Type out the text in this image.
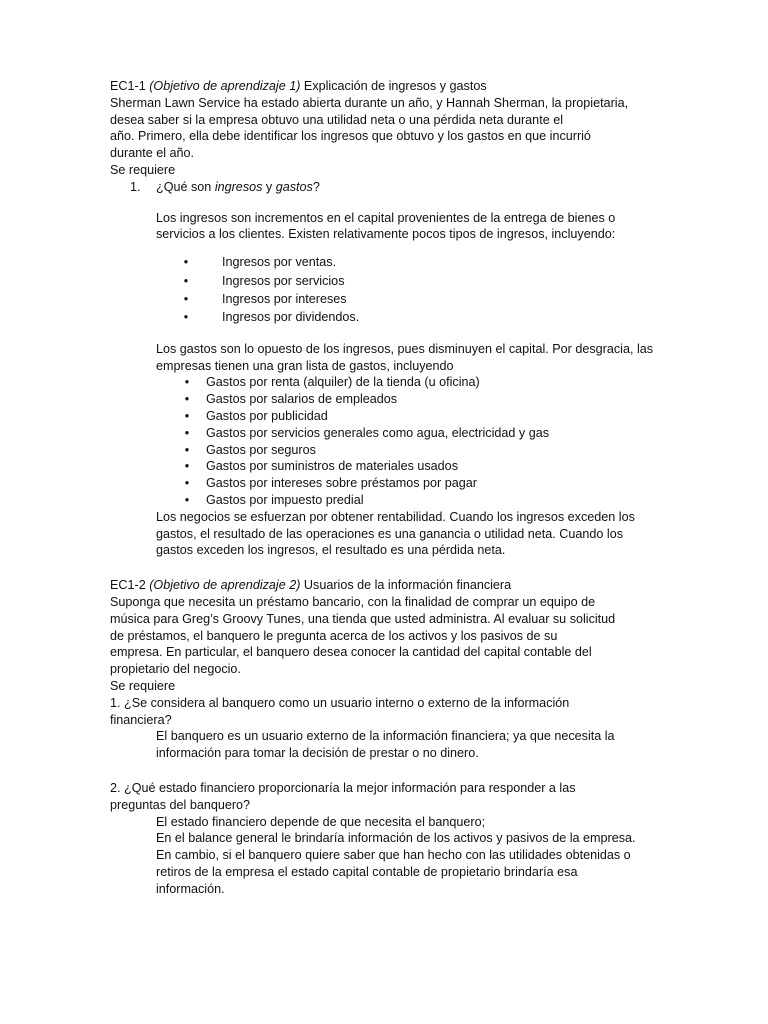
EC1-1 (Objetivo de aprendizaje 1) Explicación de ingresos y gastos

Sherman Lawn Service ha estado abierta durante un año, y Hannah Sherman, la propietaria,

desea saber si la empresa obtuvo una utilidad neta o una pérdida neta durante el

año. Primero, ella debe identificar los ingresos que obtuvo y los gastos en que incurrió

durante el año.

Se requiere

1. ¿Qué son ingresos y gastos?

Los ingresos son incrementos en el capital provenientes de la entrega de bienes o

servicios a los clientes. Existen relativamente pocos tipos de ingresos, incluyendo:

•	Ingresos por ventas.
•	Ingresos por servicios
•	Ingresos por intereses
•	Ingresos por dividendos.

Los gastos son lo opuesto de los ingresos, pues disminuyen el capital. Por desgracia, las

empresas tienen una gran lista de gastos, incluyendo

•	Gastos por renta (alquiler) de la tienda (u oficina)
•	Gastos por salarios de empleados
•	Gastos por publicidad
•	Gastos por servicios generales como agua, electricidad y gas
•	Gastos por seguros
•	Gastos por suministros de materiales usados
•	Gastos por intereses sobre préstamos por pagar
•	Gastos por impuesto predial

Los negocios se esfuerzan por obtener rentabilidad. Cuando los ingresos exceden los

gastos, el resultado de las operaciones es una ganancia o utilidad neta. Cuando los

gastos exceden los ingresos, el resultado es una pérdida neta.

EC1-2 (Objetivo de aprendizaje 2) Usuarios de la información financiera

Suponga que necesita un préstamo bancario, con la finalidad de comprar un equipo de

música para Greg’s Groovy Tunes, una tienda que usted administra. Al evaluar su solicitud

de préstamos, el banquero le pregunta acerca de los activos y los pasivos de su

empresa. En particular, el banquero desea conocer la cantidad del capital contable del

propietario del negocio.

Se requiere

1. ¿Se considera al banquero como un usuario interno o externo de la información

financiera?

El banquero es un usuario externo de la información financiera; ya que necesita la

información para tomar la decisión de prestar o no dinero.

2. ¿Qué estado financiero proporcionaría la mejor información para responder a las

preguntas del banquero?

El estado financiero depende de que necesita el banquero;

En el balance general le brindaría información de los activos y pasivos de la empresa.

En cambio, si el banquero quiere saber que han hecho con las utilidades obtenidas o

retiros de la empresa el estado capital contable de propietario brindaría esa

información.
